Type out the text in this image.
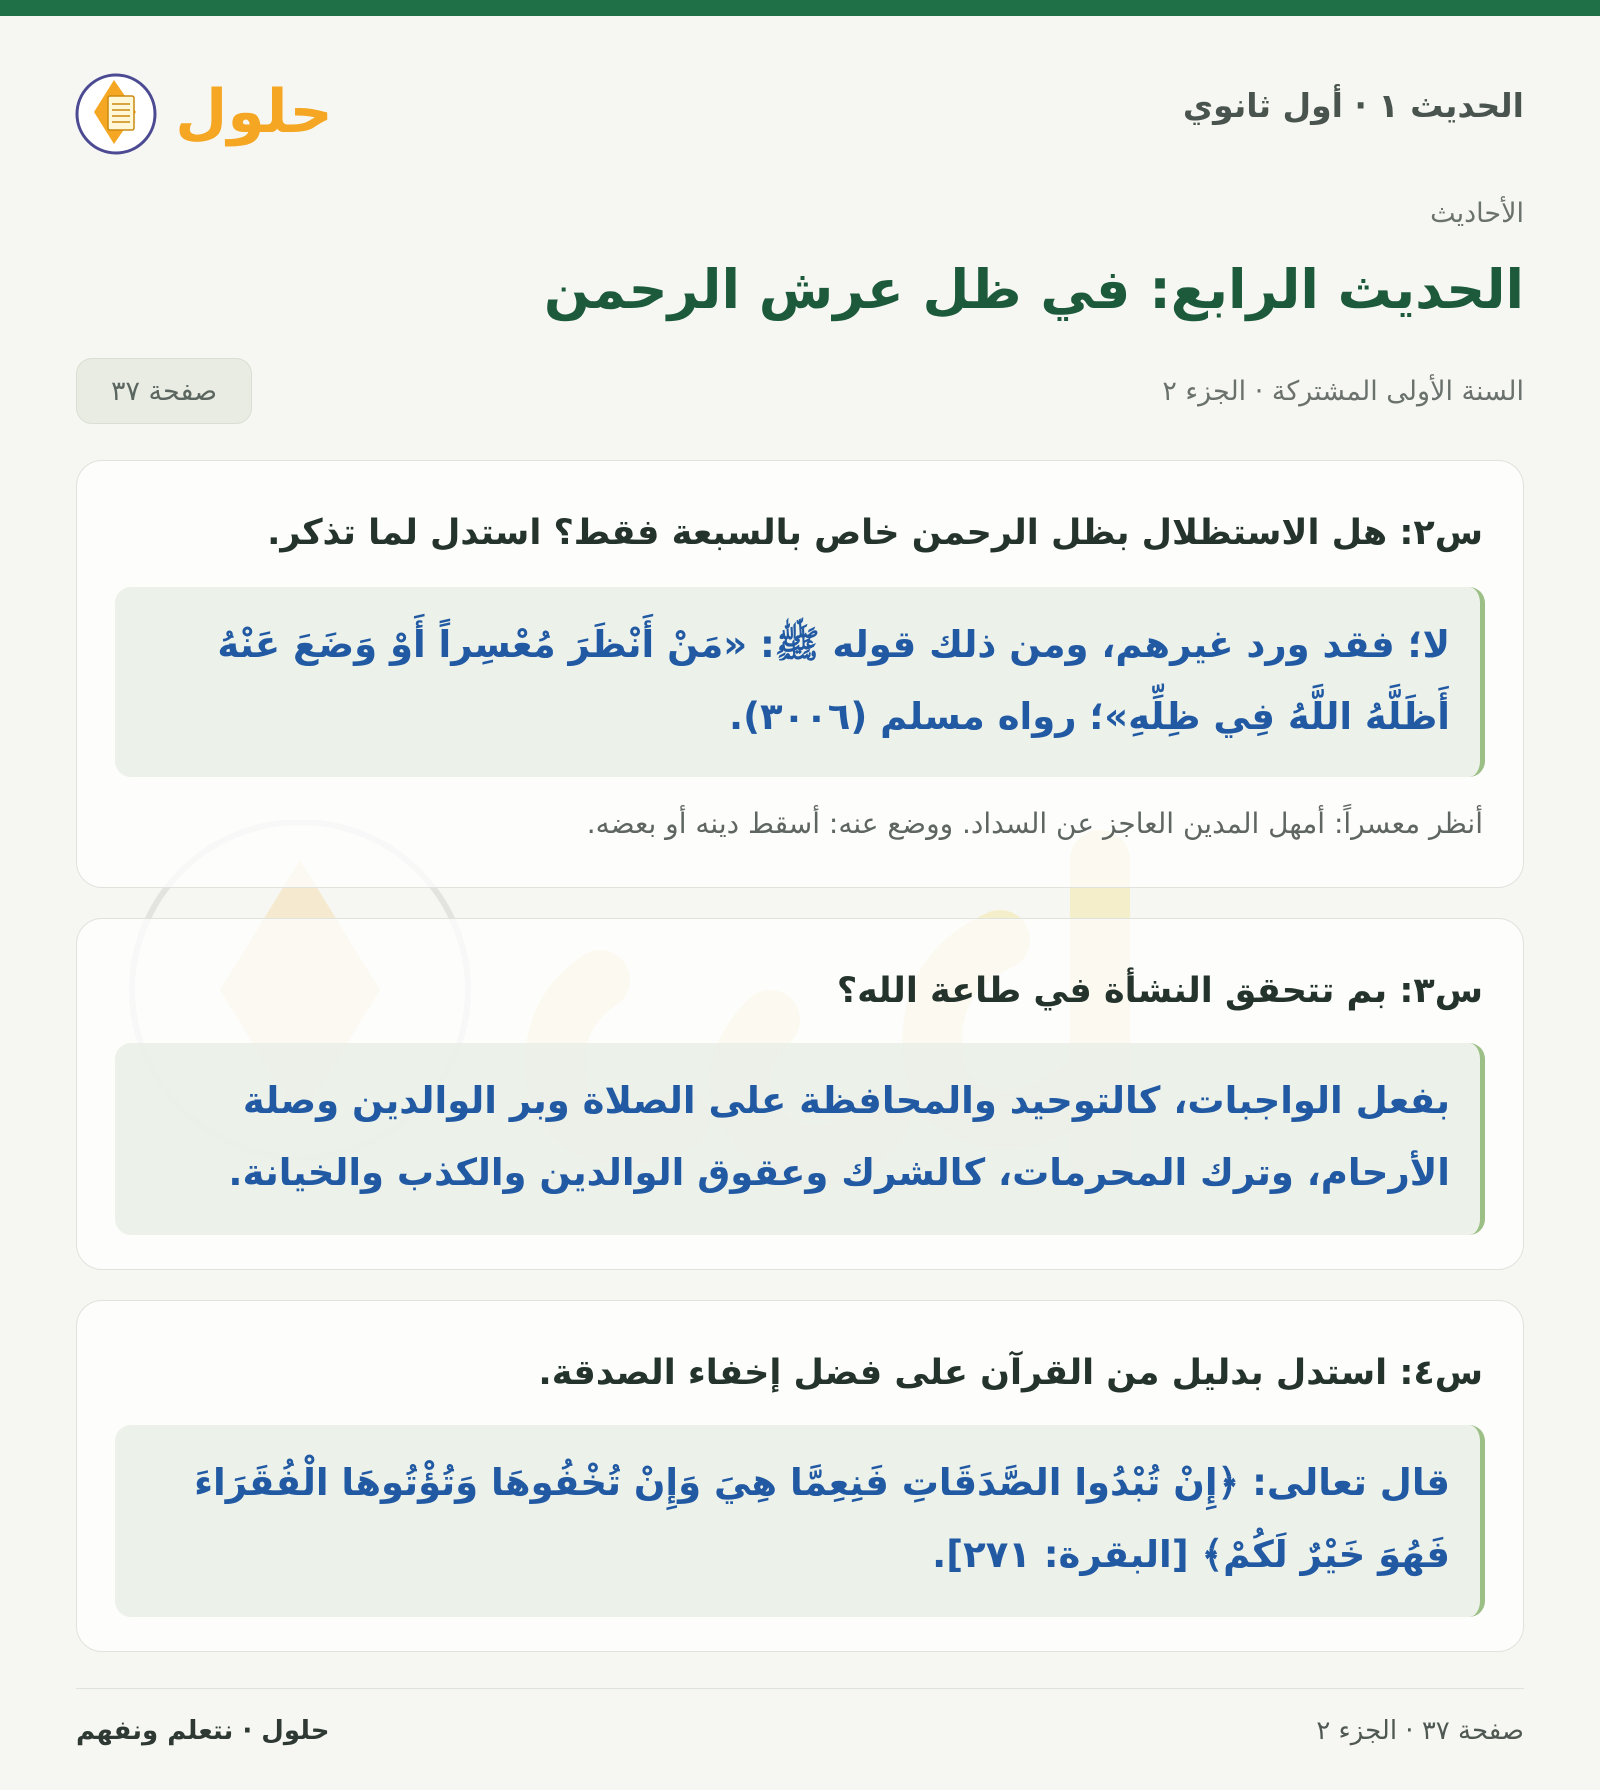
الحديث ١ · أول ثانوي
حلول
الأحاديث
الحديث الرابع: في ظل عرش الرحمن
السنة الأولى المشتركة · الجزء ٢
صفحة ٣٧
س٢: هل الاستظلال بظل الرحمن خاص بالسبعة فقط؟ استدل لما تذكر.
لا؛ فقد ورد غيرهم، ومن ذلك قوله ﷺ: «مَنْ أَنْظَرَ مُعْسِراً أَوْ وَضَعَ عَنْهُ
أَظَلَّهُ اللَّهُ فِي ظِلِّهِ»؛ رواه مسلم (٣٠٠٦).
أنظر معسراً: أمهل المدين العاجز عن السداد. ووضع عنه: أسقط دينه أو بعضه.
س٣: بم تتحقق النشأة في طاعة الله؟
بفعل الواجبات، كالتوحيد والمحافظة على الصلاة وبر الوالدين وصلة
الأرحام، وترك المحرمات، كالشرك وعقوق الوالدين والكذب والخيانة.
س٤: استدل بدليل من القرآن على فضل إخفاء الصدقة.
قال تعالى: ﴿إِنْ تُبْدُوا الصَّدَقَاتِ فَنِعِمَّا هِيَ وَإِنْ تُخْفُوهَا وَتُؤْتُوهَا الْفُقَرَاءَ
فَهُوَ خَيْرٌ لَكُمْ﴾ [البقرة: ٢٧١].
صفحة ٣٧ · الجزء ٢
حلول · نتعلم ونفهم
